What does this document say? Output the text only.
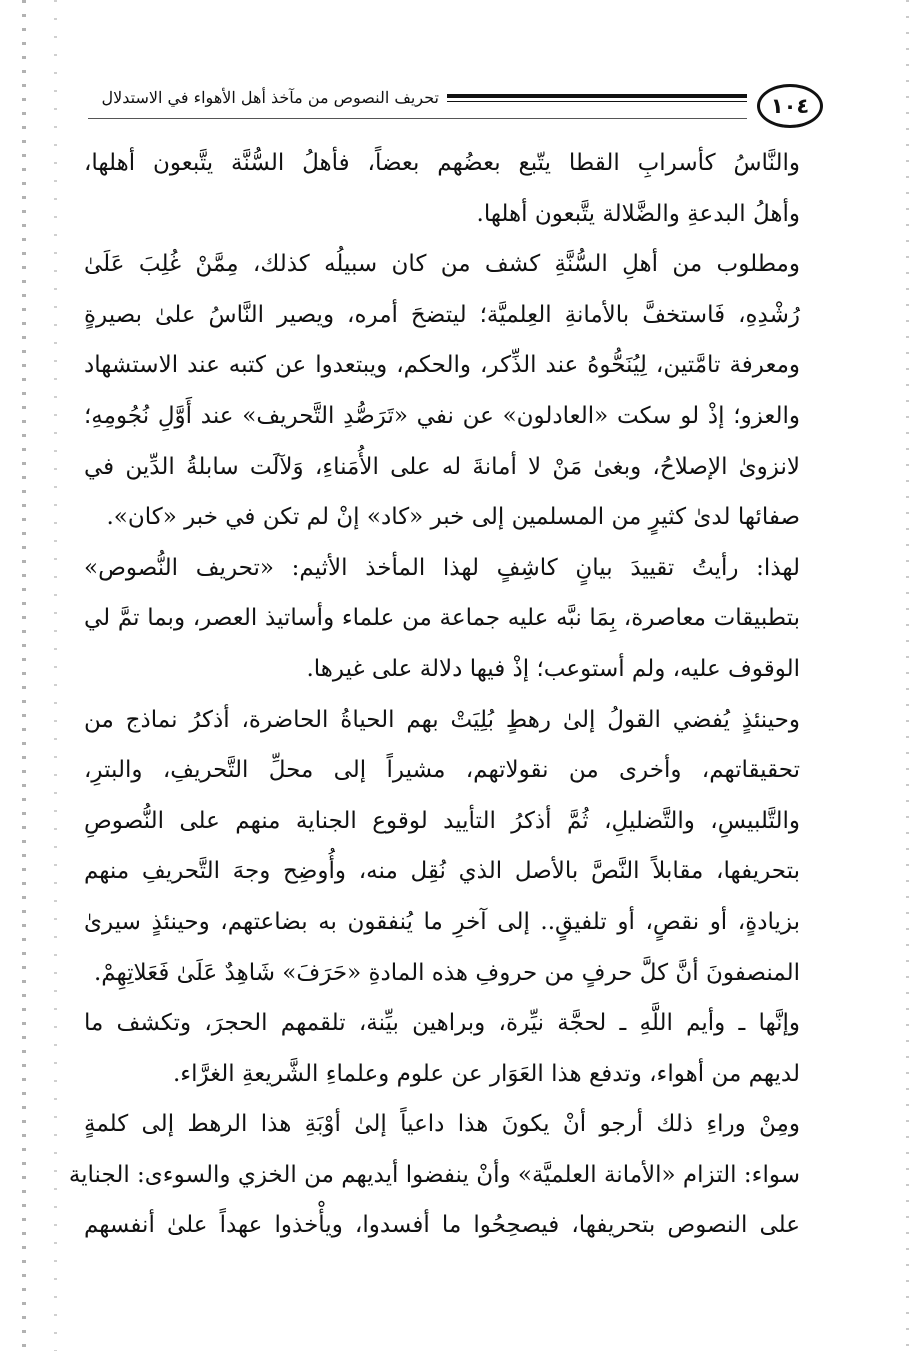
١٠٤
تحريف النصوص من مآخذ أهل الأهواء في الاستدلال

والنَّاسُ كأسرابِ القطا يتّبع بعضُهم بعضاً، فأهلُ السُّنَّة يتَّبعون أهلها،
وأهلُ البدعةِ والضَّلالة يتَّبعون أهلها.

ومطلوب من أهلِ السُّنَّةِ كشف من كان سبيلُه كذلك، مِمَّنْ غُلِبَ عَلَىٰ
رُشْدِهِ، فَاستخفَّ بالأمانةِ العِلميَّة؛ ليتضحَ أمره، ويصير النَّاسُ علىٰ بصيرةٍ
ومعرفة تامَّتين، لِيُنَحُّوهُ عند الذِّكر، والحكم، ويبتعدوا عن كتبه عند الاستشهاد
والعزو؛ إذْ لو سكت «العادلون» عن نفي «تَرَصُّدِ التَّحريف» عند أَوَّلِ نُجُومِهِ؛
لانزوىٰ الإصلاحُ، وبغىٰ مَنْ لا أمانةَ له على الأُمَناءِ، وَلآلَت سابلةُ الدِّين في
صفائها لدىٰ كثيرٍ من المسلمين إلى خبر «كاد» إنْ لم تكن في خبر «كان».

لهذا: رأيتُ تقييدَ بيانٍ كاشِفٍ لهذا المأخذ الأثيم: «تحريف النُّصوص»
بتطبيقات معاصرة، بِمَا نبَّه عليه جماعة من علماء وأساتيذ العصر، وبما تمَّ لي
الوقوف عليه، ولم أستوعب؛ إذْ فيها دلالة على غيرها.

وحينئذٍ يُفضي القولُ إلىٰ رهطٍ بُلِيَتْ بهم الحياةُ الحاضرة، أذكرُ نماذج من
تحقيقاتهم، وأخرى من نقولاتهم، مشيراً إلى محلِّ التَّحريفِ، والبترِ،
والتَّلبيسِ، والتَّضليلِ، ثُمَّ أذكرُ التأييد لوقوع الجناية منهم على النُّصوصِ
بتحريفها، مقابلاً النَّصَّ بالأصل الذي نُقِل منه، وأُوضِح وجهَ التَّحريفِ منهم
بزيادةٍ، أو نقصٍ، أو تلفيقٍ.. إلى آخرِ ما يُنفقون به بضاعتهم، وحينئذٍ سيرىٰ
المنصفونَ أنَّ كلَّ حرفٍ من حروفِ هذه المادةِ «حَرَفَ» شَاهِدٌ عَلَىٰ فَعَلاتِهِمْ.

وإنَّها ـ وأيم اللَّهِ ـ لحجَّة نيِّرة، وبراهين بيِّنة، تلقمهم الحجرَ، وتكشف ما
لديهم من أهواء، وتدفع هذا العَوَار عن علوم وعلماءِ الشَّريعةِ الغرَّاء.

ومِنْ وراءِ ذلك أرجو أنْ يكونَ هذا داعياً إلىٰ أوْبَةِ هذا الرهط إلى كلمةٍ
سواء: التزام «الأمانة العلميَّة» وأنْ ينفضوا أيديهم من الخزي والسوءى: الجناية
على النصوص بتحريفها، فيصحِحُوا ما أفسدوا، ويأْخذوا عهداً علىٰ أنفسهم
